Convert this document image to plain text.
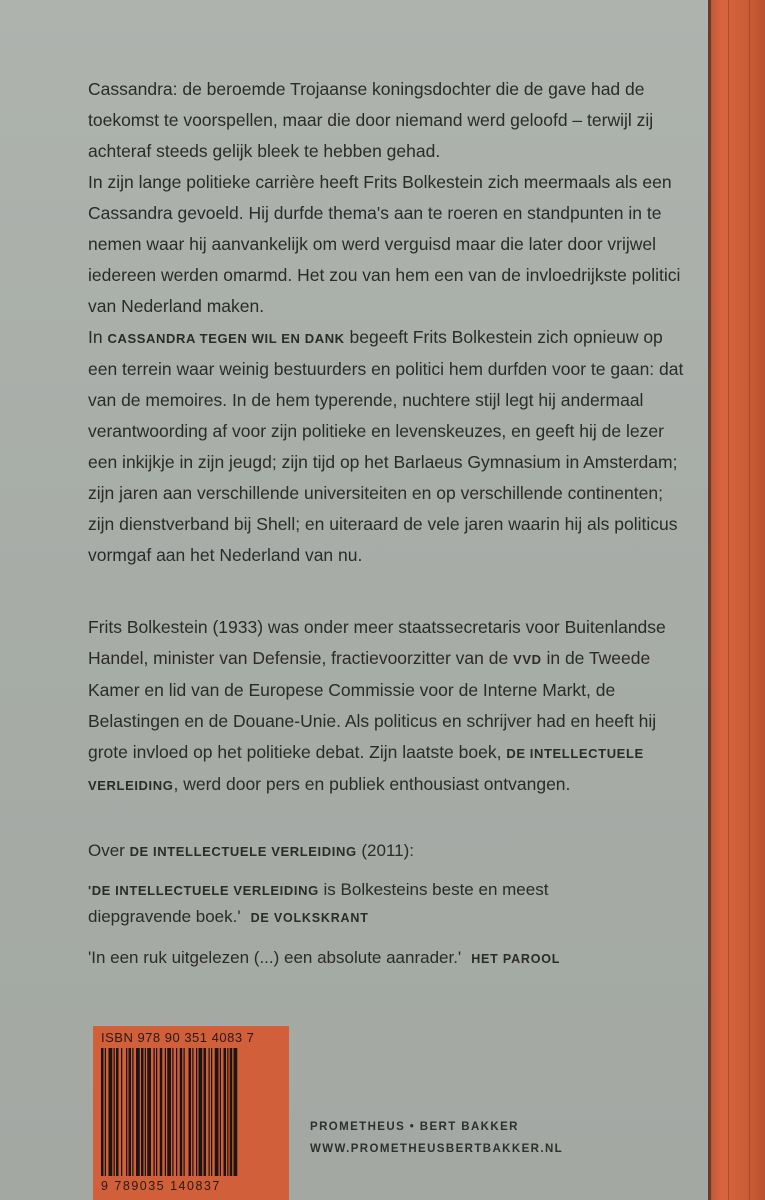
Cassandra: de beroemde Trojaanse koningsdochter die de gave had de toekomst te voorspellen, maar die door niemand werd geloofd – terwijl zij achteraf steeds gelijk bleek te hebben gehad.

In zijn lange politieke carrière heeft Frits Bolkestein zich meermaals als een Cassandra gevoeld. Hij durfde thema's aan te roeren en standpunten in te nemen waar hij aanvankelijk om werd verguisd maar die later door vrijwel iedereen werden omarmd. Het zou van hem een van de invloedrijkste politici van Nederland maken.

In CASSANDRA TEGEN WIL EN DANK begeeft Frits Bolkestein zich opnieuw op een terrein waar weinig bestuurders en politici hem durfden voor te gaan: dat van de memoires. In de hem typerende, nuchtere stijl legt hij andermaal verantwoording af voor zijn politieke en levenskeuzes, en geeft hij de lezer een inkijkje in zijn jeugd; zijn tijd op het Barlaeus Gymnasium in Amsterdam; zijn jaren aan verschillende universiteiten en op verschillende continenten; zijn dienstverband bij Shell; en uiteraard de vele jaren waarin hij als politicus vormgaf aan het Nederland van nu.

Frits Bolkestein (1933) was onder meer staatssecretaris voor Buitenlandse Handel, minister van Defensie, fractievoorzitter van de VVD in de Tweede Kamer en lid van de Europese Commissie voor de Interne Markt, de Belastingen en de Douane-Unie. Als politicus en schrijver had en heeft hij grote invloed op het politieke debat. Zijn laatste boek, DE INTELLECTUELE VERLEIDING, werd door pers en publiek enthousiast ontvangen.

Over DE INTELLECTUELE VERLEIDING (2011):

'DE INTELLECTUELE VERLEIDING is Bolkesteins beste en meest diepgravende boek.' DE VOLKSKRANT

'In een ruk uitgelezen (...) een absolute aanrader.' HET PAROOL

ISBN 978 90 351 4083 7
9 789035 140837
PROMETHEUS • BERT BAKKER
WWW.PROMETHEUSBERTBAKKER.NL
